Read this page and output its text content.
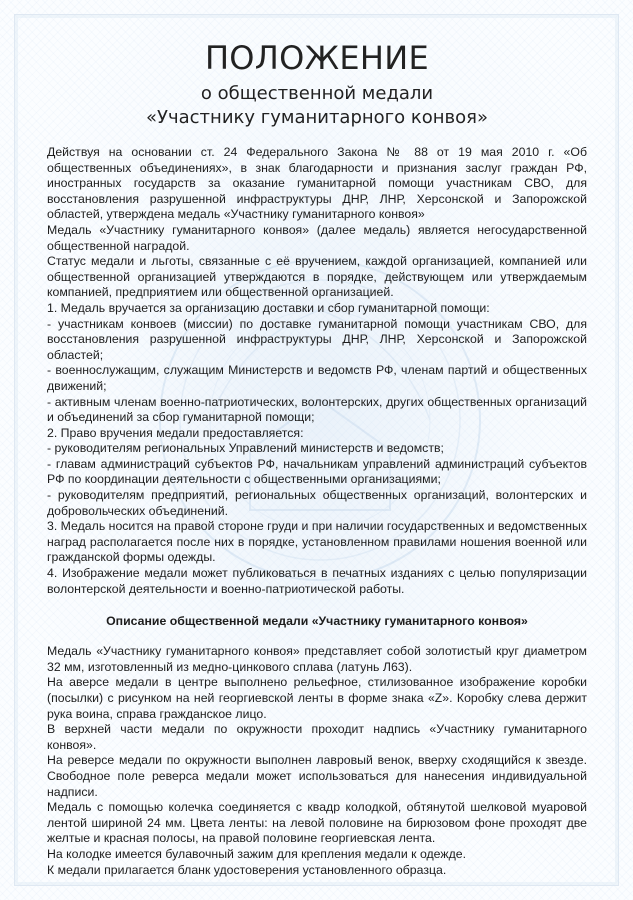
ПОЛОЖЕНИЕ
о общественной медали
«Участнику гуманитарного конвоя»

Действуя на основании ст. 24 Федерального Закона № 88 от 19 мая 2010 г. «Об общественных объединениях», в знак благодарности и признания заслуг граждан РФ, иностранных государств за оказание гуманитарной помощи участникам СВО, для восстановления разрушенной инфраструктуры ДНР, ЛНР, Херсонской и Запорожской областей, утверждена медаль «Участнику гуманитарного конвоя»

Медаль «Участнику гуманитарного конвоя» (далее медаль) является негосударственной общественной наградой.

Статус медали и льготы, связанные с её вручением, каждой организацией, компанией или общественной организацией утверждаются в порядке, действующем или утверждаемым компанией, предприятием или общественной организацией.

1. Медаль вручается за организацию доставки и сбор гуманитарной помощи:

- участникам конвоев (миссии) по доставке гуманитарной помощи участникам СВО, для восстановления разрушенной инфраструктуры ДНР, ЛНР, Херсонской и Запорожской областей;

- военнослужащим, служащим Министерств и ведомств РФ, членам партий и общественных движений;

- активным членам военно-патриотических, волонтерских, других общественных организаций и объединений за сбор гуманитарной помощи;

2. Право вручения медали предоставляется:

- руководителям региональных Управлений министерств и ведомств;

- главам администраций субъектов РФ, начальникам управлений администраций субъектов РФ по координации деятельности с общественными организациями;

- руководителям предприятий, региональных общественных организаций, волонтерских и добровольческих объединений.

3. Медаль носится на правой стороне груди и при наличии государственных и ведомственных наград располагается после них в порядке, установленном правилами ношения военной или гражданской формы одежды.

4. Изображение медали может публиковаться в печатных изданиях с целью популяризации волонтерской деятельности и военно-патриотической работы.

Описание общественной медали «Участнику гуманитарного конвоя»

Медаль «Участнику гуманитарного конвоя» представляет собой золотистый круг диаметром 32 мм, изготовленный из медно-цинкового сплава (латунь Л63).

На аверсе медали в центре выполнено рельефное, стилизованное изображение коробки (посылки) с рисунком на ней георгиевской ленты в форме знака «Z». Коробку слева держит рука воина, справа гражданское лицо.

В верхней части медали по окружности проходит надпись «Участнику гуманитарного конвоя».

На реверсе медали по окружности выполнен лавровый венок, вверху сходящийся к звезде. Свободное поле реверса медали может использоваться для нанесения индивидуальной надписи.

Медаль с помощью колечка соединяется с квадр колодкой, обтянутой шелковой муаровой лентой шириной 24 мм. Цвета ленты: на левой половине на бирюзовом фоне проходят две желтые и красная полосы, на правой половине георгиевская лента.

На колодке имеется булавочный зажим для крепления медали к одежде.

К медали прилагается бланк удостоверения установленного образца.
